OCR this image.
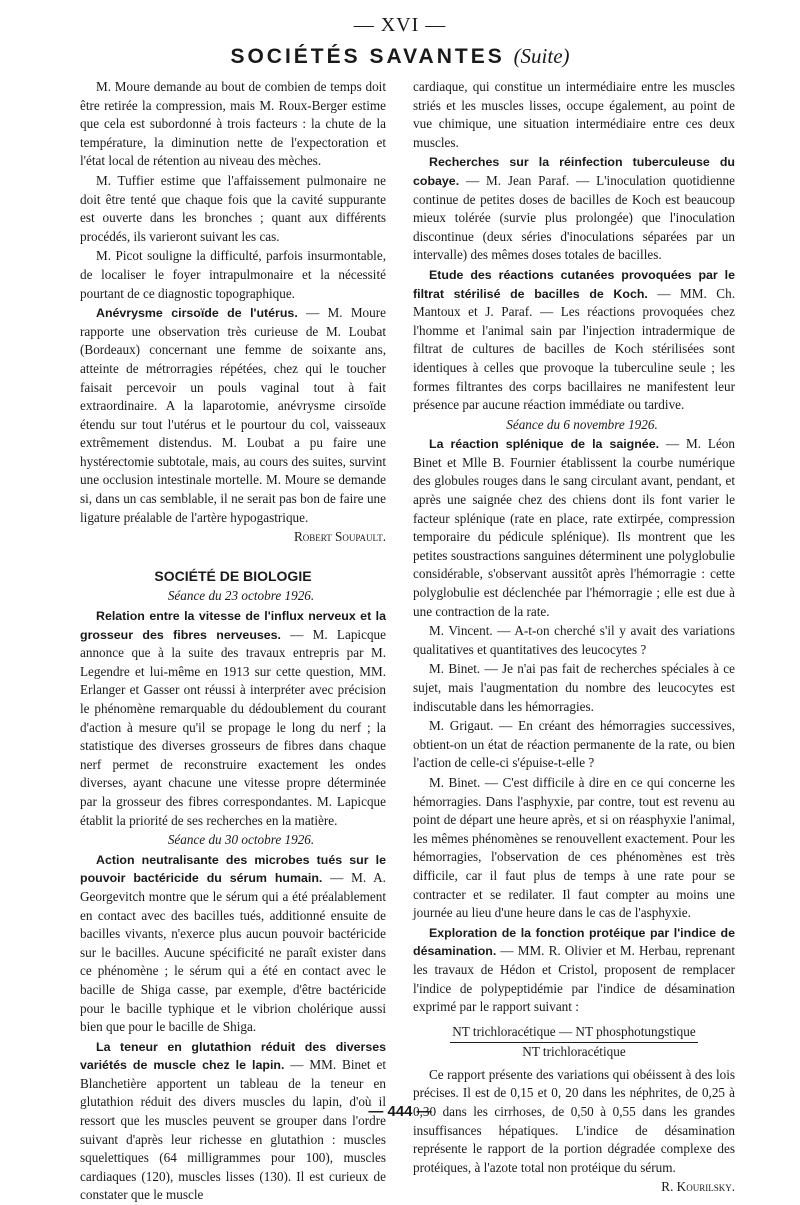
— XVI —
SOCIÉTÉS SAVANTES (Suite)

M. Moure demande au bout de combien de temps doit être retirée la compression, mais M. Roux-Berger estime que cela est subordonné à trois facteurs : la chute de la température, la diminution nette de l'expectoration et l'état local de rétention au niveau des mèches.

M. Tuffier estime que l'affaissement pulmonaire ne doit être tenté que chaque fois que la cavité suppurante est ouverte dans les bronches ; quant aux différents procédés, ils varieront suivant les cas.

M. Picot souligne la difficulté, parfois insurmontable, de localiser le foyer intrapulmonaire et la nécessité pourtant de ce diagnostic topographique.

Anévrysme cirsoïde de l'utérus. — M. Moure rapporte une observation très curieuse de M. Loubat (Bordeaux) concernant une femme de soixante ans, atteinte de métrorragies répétées, chez qui le toucher faisait percevoir un pouls vaginal tout à fait extraordinaire. A la laparotomie, anévrysme cirsoïde étendu sur tout l'utérus et le pourtour du col, vaisseaux extrêmement distendus. M. Loubat a pu faire une hystérectomie subtotale, mais, au cours des suites, survint une occlusion intestinale mortelle. M. Moure se demande si, dans un cas semblable, il ne serait pas bon de faire une ligature préalable de l'artère hypogastrique.

Robert Soupault.

SOCIÉTÉ DE BIOLOGIE

Séance du 23 octobre 1926.

Relation entre la vitesse de l'influx nerveux et la grosseur des fibres nerveuses. — M. Lapicque annonce que à la suite des travaux entrepris par M. Legendre et lui-même en 1913 sur cette question, MM. Erlanger et Gasser ont réussi à interpréter avec précision le phénomène remarquable du dédoublement du courant d'action à mesure qu'il se propage le long du nerf ; la statistique des diverses grosseurs de fibres dans chaque nerf permet de reconstruire exactement les ondes diverses, ayant chacune une vitesse propre déterminée par la grosseur des fibres correspondantes. M. Lapicque établit la priorité de ses recherches en la matière.

Séance du 30 octobre 1926.

Action neutralisante des microbes tués sur le pouvoir bactéricide du sérum humain. — M. A. Georgevitch montre que le sérum qui a été préalablement en contact avec des bacilles tués, additionné ensuite de bacilles vivants, n'exerce plus aucun pouvoir bactéricide sur le bacilles. Aucune spécificité ne paraît exister dans ce phénomène ; le sérum qui a été en contact avec le bacille de Shiga casse, par exemple, d'être bactéricide pour le bacille typhique et le vibrion cholérique aussi bien que pour le bacille de Shiga.

La teneur en glutathion réduit des diverses variétés de muscle chez le lapin. — MM. Binet et Blanchetière apportent un tableau de la teneur en glutathion réduit des divers muscles du lapin, d'où il ressort que les muscles peuvent se grouper dans l'ordre suivant d'après leur richesse en glutathion : muscles squelettiques (64 milligrammes pour 100), muscles cardiaques (120), muscles lisses (130). Il est curieux de constater que le muscle

cardiaque, qui constitue un intermédiaire entre les muscles striés et les muscles lisses, occupe également, au point de vue chimique, une situation intermédiaire entre ces deux muscles.

Recherches sur la réinfection tuberculeuse du cobaye. — M. Jean Paraf. — L'inoculation quotidienne continue de petites doses de bacilles de Koch est beaucoup mieux tolérée (survie plus prolongée) que l'inoculation discontinue (deux séries d'inoculations séparées par un intervalle) des mêmes doses totales de bacilles.

Etude des réactions cutanées provoquées par le filtrat stérilisé de bacilles de Koch. — MM. Ch. Mantoux et J. Paraf. — Les réactions provoquées chez l'homme et l'animal sain par l'injection intradermique de filtrat de cultures de bacilles de Koch stérilisées sont identiques à celles que provoque la tuberculine seule ; les formes filtrantes des corps bacillaires ne manifestent leur présence par aucune réaction immédiate ou tardive.

Séance du 6 novembre 1926.

La réaction splénique de la saignée. — M. Léon Binet et Mlle B. Fournier établissent la courbe numérique des globules rouges dans le sang circulant avant, pendant, et après une saignée chez des chiens dont ils font varier le facteur splénique (rate en place, rate extirpée, compression temporaire du pédicule splénique). Ils montrent que les petites soustractions sanguines déterminent une polyglobulie considérable, s'observant aussitôt après l'hémorragie : cette polyglobulie est déclenchée par l'hémorragie ; elle est due à une contraction de la rate.

M. Vincent. — A-t-on cherché s'il y avait des variations qualitatives et quantitatives des leucocytes ?

M. Binet. — Je n'ai pas fait de recherches spéciales à ce sujet, mais l'augmentation du nombre des leucocytes est indiscutable dans les hémorragies.

M. Grigaut. — En créant des hémorragies successives, obtient-on un état de réaction permanente de la rate, ou bien l'action de celle-ci s'épuise-t-elle ?

M. Binet. — C'est difficile à dire en ce qui concerne les hémorragies. Dans l'asphyxie, par contre, tout est revenu au point de départ une heure après, et si on réasphyxie l'animal, les mêmes phénomènes se renouvellent exactement. Pour les hémorragies, l'observation de ces phénomènes est très difficile, car il faut plus de temps à une rate pour se contracter et se redilater. Il faut compter au moins une journée au lieu d'une heure dans le cas de l'asphyxie.

Exploration de la fonction protéique par l'indice de désamination. — MM. R. Olivier et M. Herbau, reprenant les travaux de Hédon et Cristol, proposent de remplacer l'indice de polypeptidémie par l'indice de désamination exprimé par le rapport suivant :

NT trichloracétique — NT phosphotungstique
NT trichloracétique

Ce rapport présente des variations qui obéissent à des lois précises. Il est de 0,15 et 0, 20 dans les néphrites, de 0,25 à 0,30 dans les cirrhoses, de 0,50 à 0,55 dans les grandes insuffisances hépatiques. L'indice de désamination représente le rapport de la portion dégradée complexe des protéiques, à l'azote total non protéique du sérum.

R. Kourilsky.

— 444 —
